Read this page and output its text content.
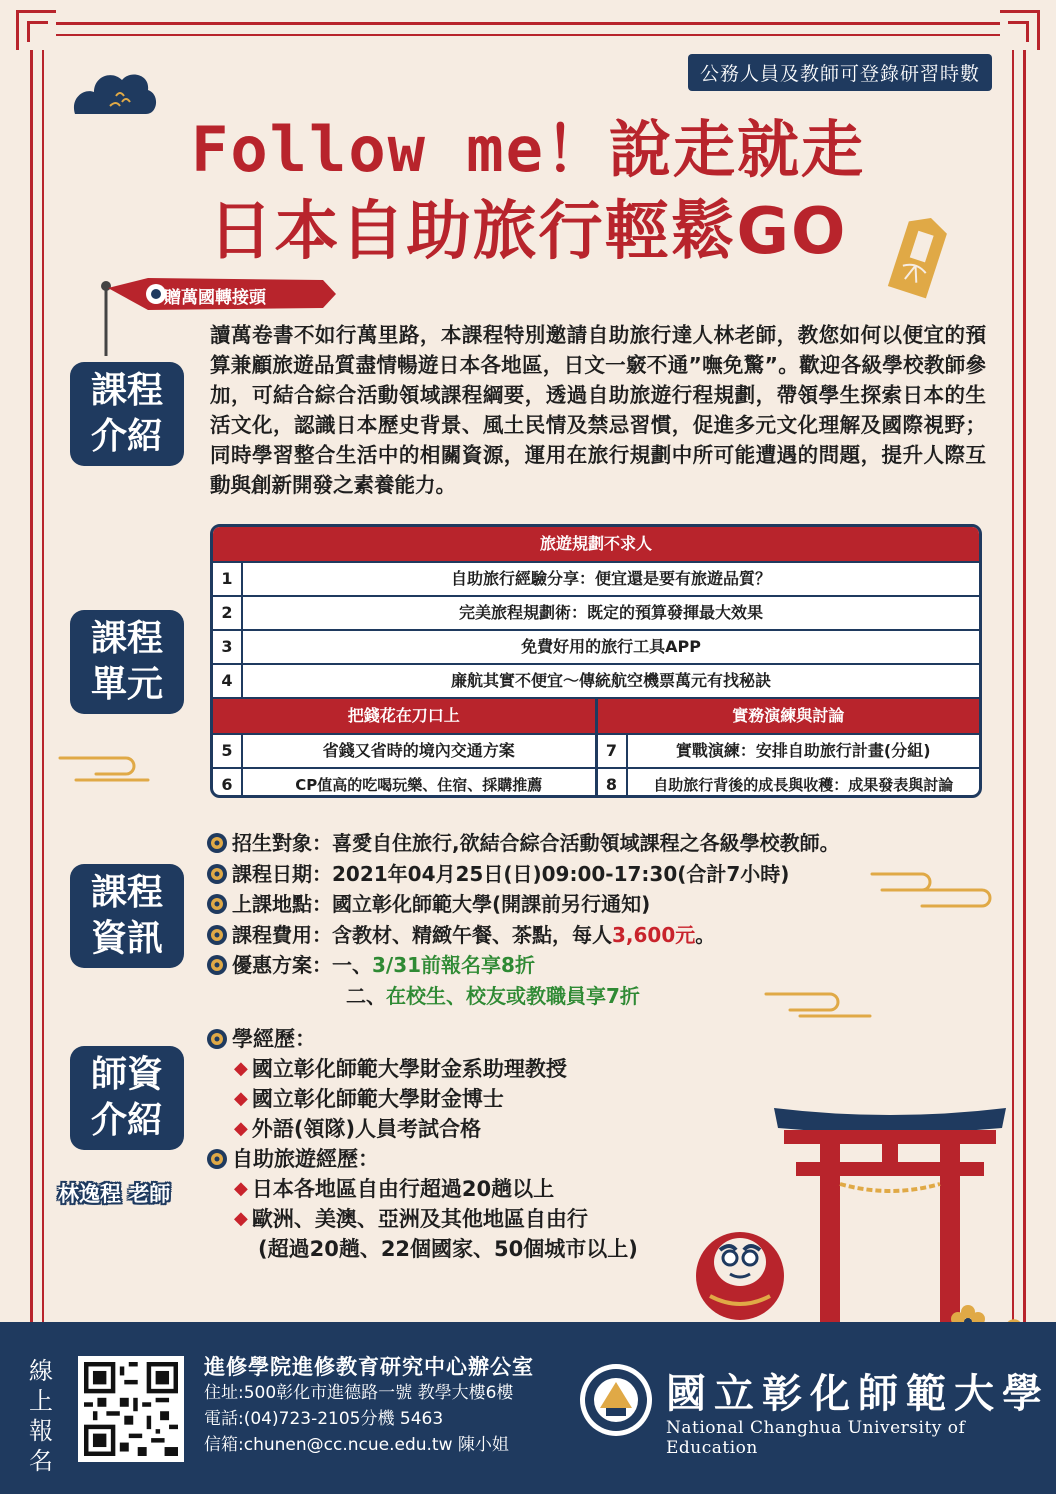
公務人員及教師可登錄研習時數
Follow me！說走就走
日本自助旅行輕鬆GO
贈萬國轉接頭
課程介紹
讀萬卷書不如行萬里路，本課程特別邀請自助旅行達人林老師，教您如何以便宜的預算兼顧旅遊品質盡情暢遊日本各地區，日文一竅不通”嘸免驚”。歡迎各級學校教師參加，可結合綜合活動領域課程綱要，透過自助旅遊行程規劃，帶領學生探索日本的生活文化，認識日本歷史背景、風土民情及禁忌習慣，促進多元文化理解及國際視野；同時學習整合生活中的相關資源，運用在旅行規劃中所可能遭遇的問題，提升人際互動與創新開發之素養能力。
課程單元
旅遊規劃不求人
1	自助旅行經驗分享：便宜還是要有旅遊品質？
2	完美旅程規劃術：既定的預算發揮最大效果
3	免費好用的旅行工具APP
4	廉航其實不便宜～傳統航空機票萬元有找秘訣
把錢花在刀口上
5	省錢又省時的境內交通方案
6	CP值高的吃喝玩樂、住宿、採購推薦
實務演練與討論
7	實戰演練：安排自助旅行計畫(分組)
8	自助旅行背後的成長與收穫：成果發表與討論
課程資訊
招生對象：喜愛自住旅行,欲結合綜合活動領域課程之各級學校教師。
課程日期：2021年04月25日(日)09:00-17:30(合計7小時)
上課地點：國立彰化師範大學(開課前另行通知)
課程費用：含教材、精緻午餐、茶點，每人 3,600元 。
優惠方案：一、 3/31前報名享8折
二、 在校生、校友或教職員享7折
師資介紹
林逸程 老師
學經歷：
◆ 國立彰化師範大學財金系助理教授
◆ 國立彰化師範大學財金博士
◆ 外語(領隊)人員考試合格
自助旅遊經歷：
◆ 日本各地區自由行超過20趟以上
◆ 歐洲、美澳、亞洲及其他地區自由行
(超過20趟、22個國家、50個城市以上)
線上報名
進修學院進修教育研究中心辦公室
住址:500彰化市進德路一號 教學大樓6樓
電話:(04)723-2105分機 5463
信箱:chunen@cc.ncue.edu.tw 陳小姐
國立彰化師範大學
National Changhua University of Education
